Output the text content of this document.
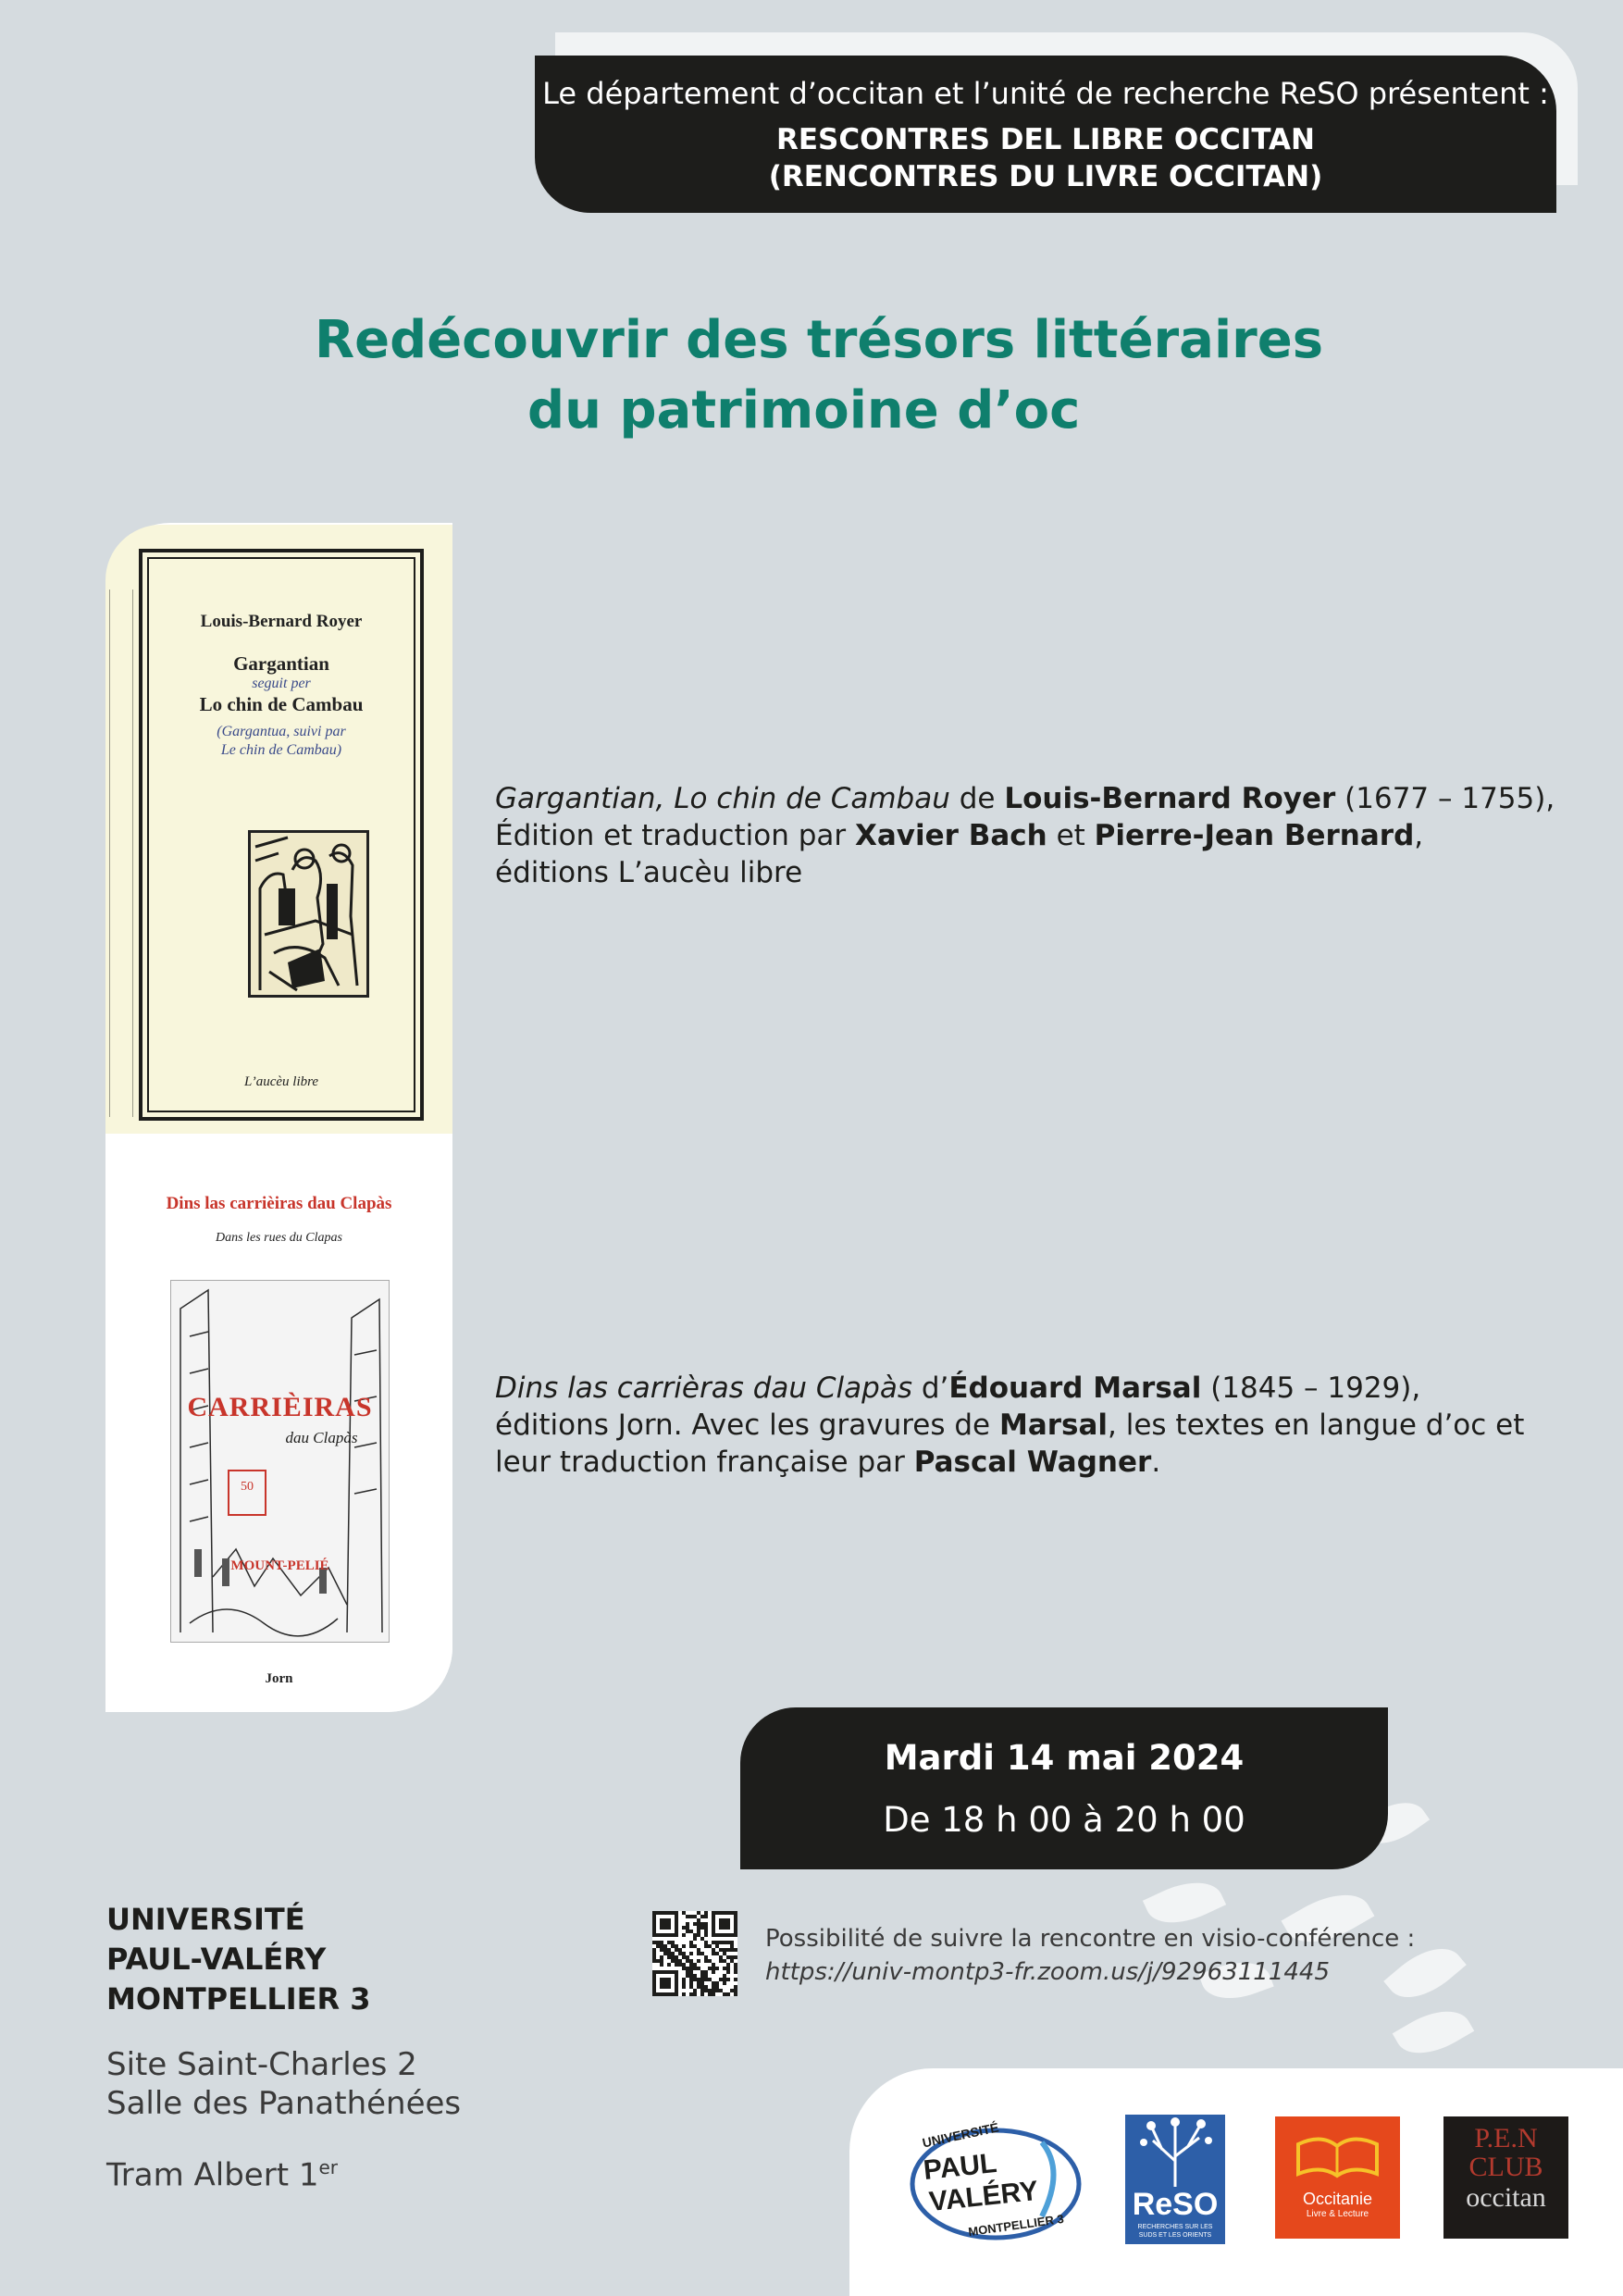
Le département d’occitan et l’unité de recherche ReSO présentent :
RESCONTRES DEL LIBRE OCCITAN
(RENCONTRES DU LIVRE OCCITAN)
Redécouvrir des trésors littéraires
du patrimoine d’oc
Louis-Bernard Royer
Gargantian
seguit per
Lo chin de Cambau
(Gargantua, suivi par
Le chin de Cambau)
L’aucèu libre
Dins las carrièiras dau Clapàs
Dans les rues du Clapas
50
CARRIÈIRAS
dau Clapàs
MOUNT-PELIÉ
Jorn
Gargantian, Lo chin de Cambau de Louis-Bernard Royer (1677 – 1755),
Édition et traduction par Xavier Bach et Pierre-Jean Bernard,
éditions L’aucèu libre
Dins las carrièras dau Clapàs d’Édouard Marsal (1845 – 1929),
éditions Jorn. Avec les gravures de Marsal, les textes en langue d’oc et
leur traduction française par Pascal Wagner.
Mardi 14 mai 2024
De 18 h 00 à 20 h 00
UNIVERSITÉ
PAUL-VALÉRY
MONTPELLIER 3
Site Saint-Charles 2
Salle des Panathénées
Tram Albert 1er
Possibilité de suivre la rencontre en visio-conférence :
https://univ-montp3-fr.zoom.us/j/92963111445
UNIVERSITÉ
PAUL
VALÉRY
MONTPELLIER 3
ReSO
RECHERCHES SUR LES SUDS ET LES ORIENTS
Occitanie
Livre & Lecture
P.E.N
CLUB
occitan
